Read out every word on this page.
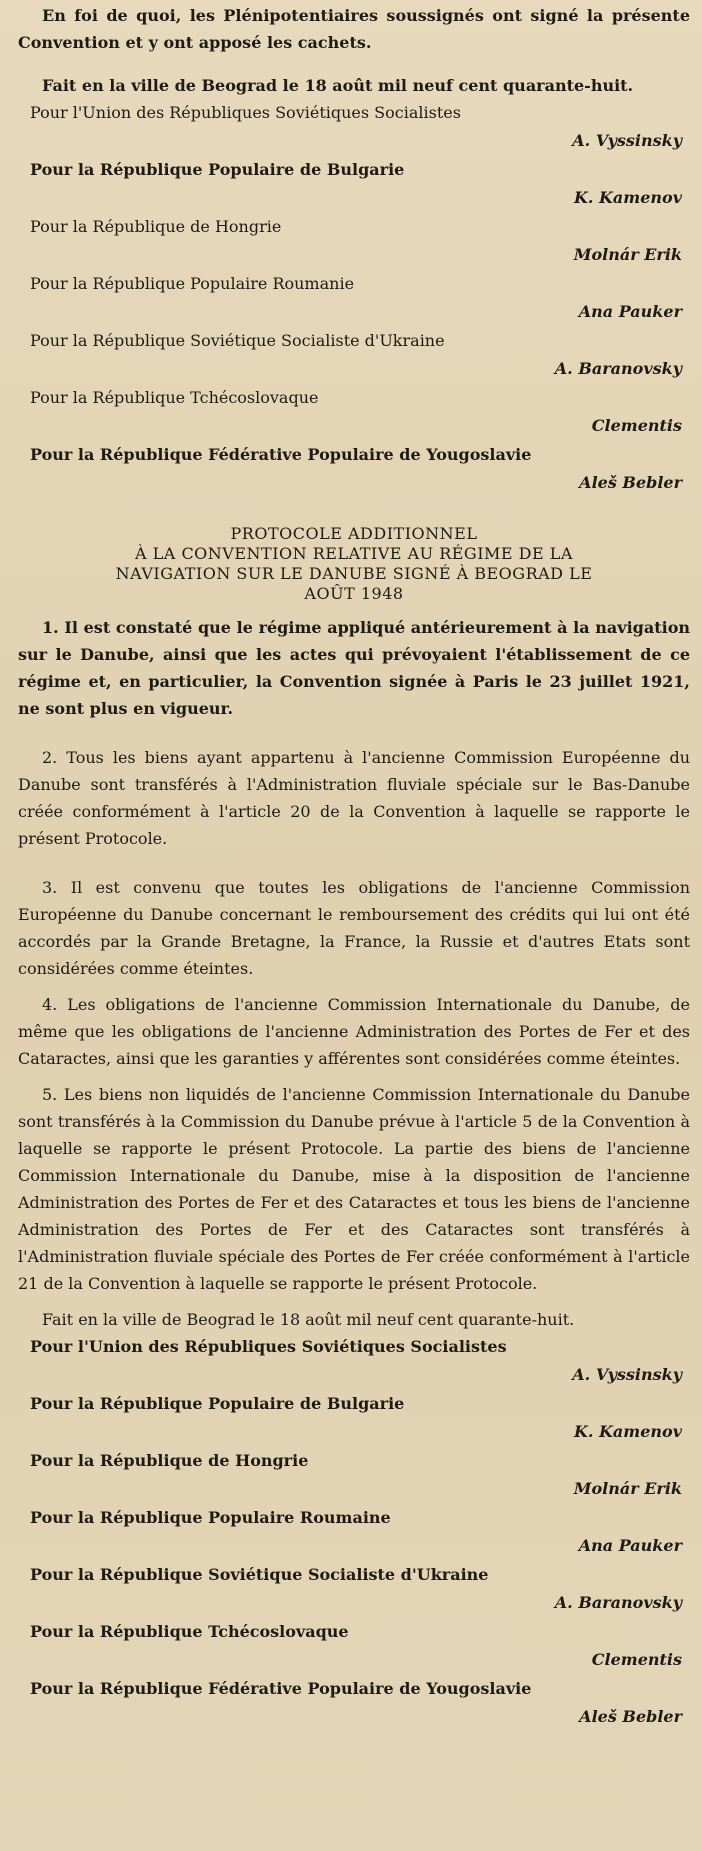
En foi de quoi, les Plénipotentiaires soussignés ont signé la présente Convention et y ont apposé les cachets.

Fait en la ville de Beograd le 18 août mil neuf cent quarante-huit.

Pour l'Union des Républiques Soviétiques Socialistes

A. Vyssinsky

Pour la République Populaire de Bulgarie

K. Kamenov

Pour la République de Hongrie

Molnár Erik

Pour la République Populaire Roumanie

Ana Pauker

Pour la République Soviétique Socialiste d'Ukraine

A. Baranovsky

Pour la République Tchécoslovaque

Clementis

Pour la République Fédérative Populaire de Yougoslavie

Aleš Bebler

PROTOCOLE ADDITIONNEL
À LA CONVENTION RELATIVE AU RÉGIME DE LA
NAVIGATION SUR LE DANUBE SIGNÉ À BEOGRAD LE
AOÛT 1948

1. Il est constaté que le régime appliqué antérieurement à la navigation sur le Danube, ainsi que les actes qui prévoyaient l'établissement de ce régime et, en particulier, la Convention signée à Paris le 23 juillet 1921, ne sont plus en vigueur.

2. Tous les biens ayant appartenu à l'ancienne Commission Européenne du Danube sont transférés à l'Administration fluviale spéciale sur le Bas-Danube créée conformément à l'article 20 de la Convention à laquelle se rapporte le présent Protocole.

3. Il est convenu que toutes les obligations de l'ancienne Commission Européenne du Danube concernant le remboursement des crédits qui lui ont été accordés par la Grande Bretagne, la France, la Russie et d'autres Etats sont considérées comme éteintes.

4. Les obligations de l'ancienne Commission Internationale du Danube, de même que les obligations de l'ancienne Administration des Portes de Fer et des Cataractes, ainsi que les garanties y afférentes sont considérées comme éteintes.

5. Les biens non liquidés de l'ancienne Commission Internationale du Danube sont transférés à la Commission du Danube prévue à l'article 5 de la Convention à laquelle se rapporte le présent Protocole. La partie des biens de l'ancienne Commission Internationale du Danube, mise à la disposition de l'ancienne Administration des Portes de Fer et des Cataractes et tous les biens de l'ancienne Administration des Portes de Fer et des Cataractes sont transférés à l'Administration fluviale spéciale des Portes de Fer créée conformément à l'article 21 de la Convention à laquelle se rapporte le présent Protocole.

Fait en la ville de Beograd le 18 août mil neuf cent quarante-huit.

Pour l'Union des Républiques Soviétiques Socialistes

A. Vyssinsky

Pour la République Populaire de Bulgarie

K. Kamenov

Pour la République de Hongrie

Molnár Erik

Pour la République Populaire Roumaine

Ana Pauker

Pour la République Soviétique Socialiste d'Ukraine

A. Baranovsky

Pour la République Tchécoslovaque

Clementis

Pour la République Fédérative Populaire de Yougoslavie

Aleš Bebler
